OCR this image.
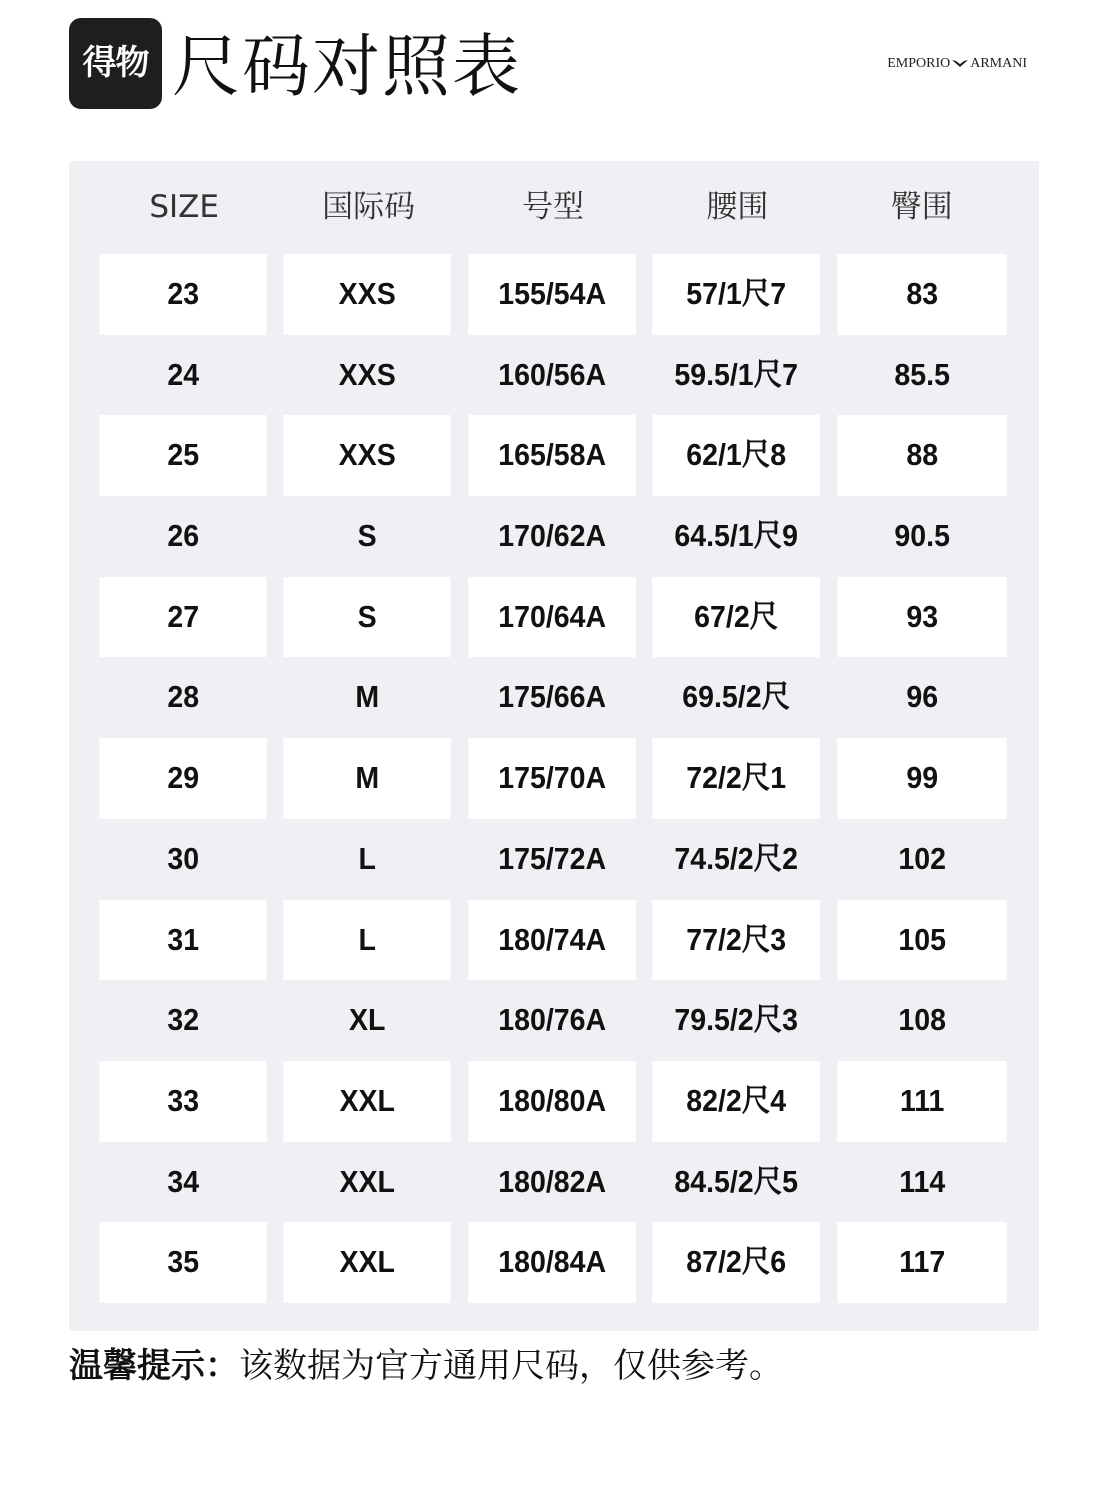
得物 尺码对照表	EMPORIO ARMANI
SIZE	国际码	号型	腰围	臀围
23	XXS	155/54A	57/1尺7	83
24	XXS	160/56A	59.5/1尺7	85.5
25	XXS	165/58A	62/1尺8	88
26	S	170/62A	64.5/1尺9	90.5
27	S	170/64A	67/2尺	93
28	M	175/66A	69.5/2尺	96
29	M	175/70A	72/2尺1	99
30	L	175/72A	74.5/2尺2	102
31	L	180/74A	77/2尺3	105
32	XL	180/76A	79.5/2尺3	108
33	XXL	180/80A	82/2尺4	111
34	XXL	180/82A	84.5/2尺5	114
35	XXL	180/84A	87/2尺6	117
温馨提示：该数据为官方通用尺码，仅供参考。
